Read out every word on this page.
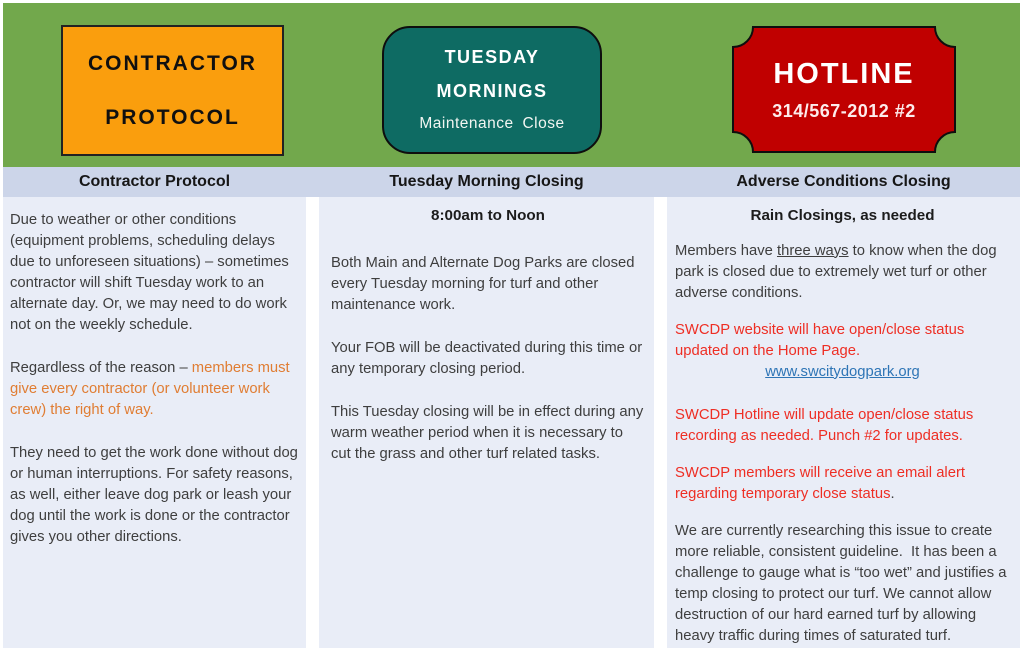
CONTRACTOR
PROTOCOL
TUESDAY
MORNINGS
Maintenance Close
HOTLINE
314/567-2012 #2
Contractor Protocol	Tuesday Morning Closing	Adverse Conditions Closing

Due to weather or other conditions (equipment problems, scheduling delays due to unforeseen situations) – sometimes contractor will shift Tuesday work to an alternate day. Or, we may need to do work not on the weekly schedule.

Regardless of the reason – members must give every contractor (or volunteer work crew) the right of way.

They need to get the work done without dog or human interruptions. For safety reasons, as well, either leave dog park or leash your dog until the work is done or the contractor gives you other directions.

8:00am to Noon

Both Main and Alternate Dog Parks are closed every Tuesday morning for turf and other maintenance work.

Your FOB will be deactivated during this time or any temporary closing period.

This Tuesday closing will be in effect during any warm weather period when it is necessary to cut the grass and other turf related tasks.

Rain Closings, as needed

Members have three ways to know when the dog park is closed due to extremely wet turf or other adverse conditions.

SWCDP website will have open/close status updated on the Home Page.

www.swcitydogpark.org

SWCDP Hotline will update open/close status recording as needed. Punch #2 for updates.

SWCDP members will receive an email alert regarding temporary close status.

We are currently researching this issue to create more reliable, consistent guideline.  It has been a challenge to gauge what is “too wet” and justifies a temp closing to protect our turf. We cannot allow destruction of our hard earned turf by allowing heavy traffic during times of saturated turf.
